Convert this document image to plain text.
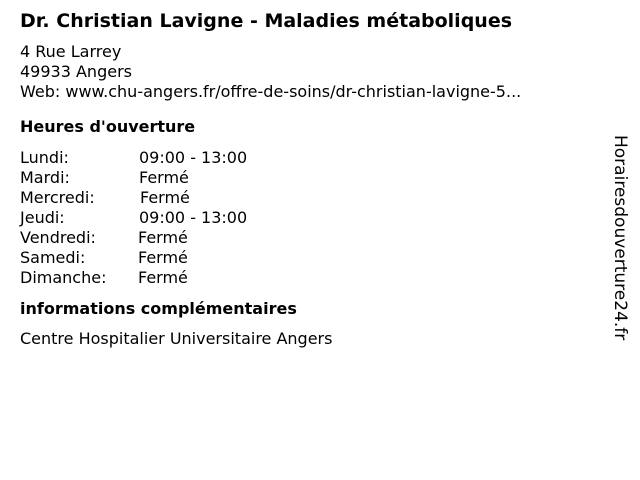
Dr. Christian Lavigne - Maladies métaboliques
4 Rue Larrey
49933 Angers
Web: www.chu-angers.fr/offre-de-soins/dr-christian-lavigne-5...
Heures d'ouverture
Lundi:	09:00 - 13:00
Mardi:	Fermé
Mercredi:	Fermé
Jeudi:	09:00 - 13:00
Vendredi:	Fermé
Samedi:	Fermé
Dimanche:	Fermé
informations complémentaires
Centre Hospitalier Universitaire Angers	Horairesdouverture24.fr
